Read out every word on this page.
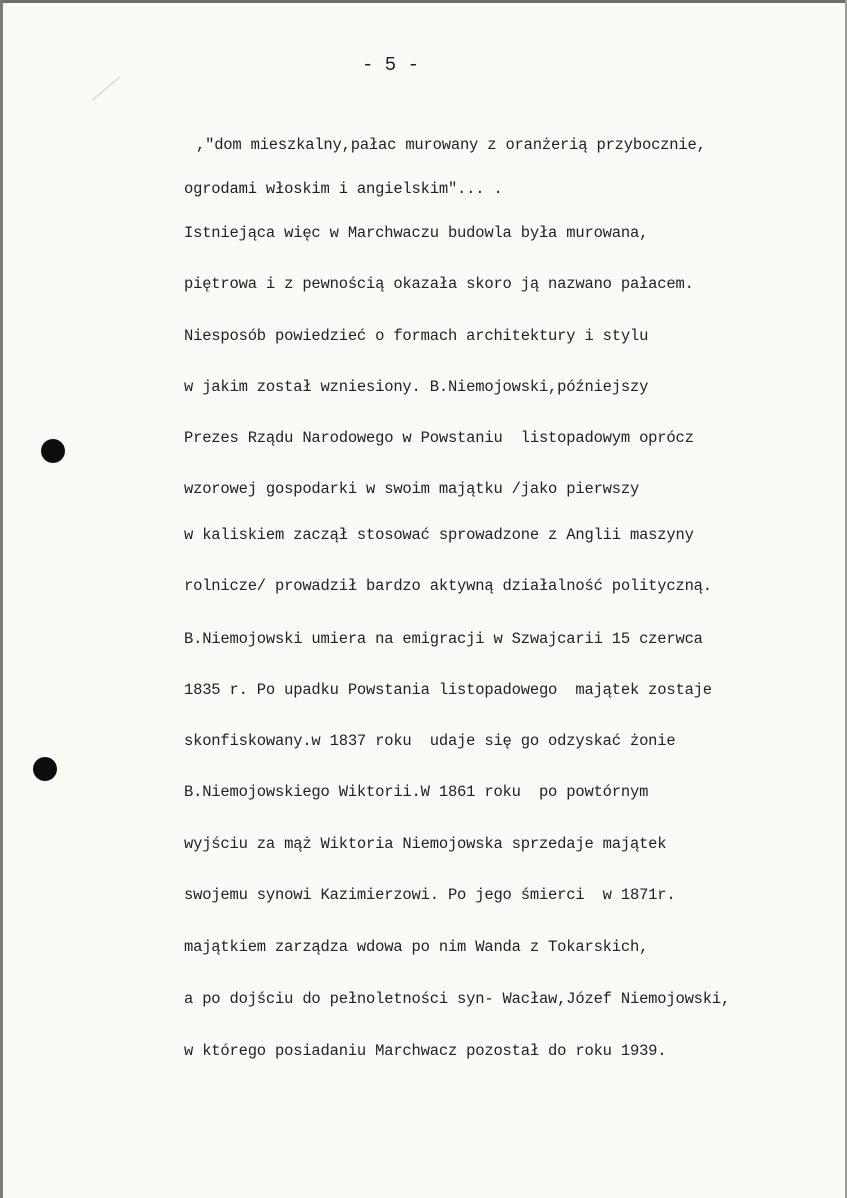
- 5 -
,"dom mieszkalny,pałac murowany z oranżerią przybocznie,
ogrodami włoskim i angielskim"... .
Istniejąca więc w Marchwaczu budowla była murowana,
piętrowa i z pewnością okazała skoro ją nazwano pałacem.
Niesposób powiedzieć o formach architektury i stylu
w jakim został wzniesiony. B.Niemojowski,późniejszy
Prezes Rządu Narodowego w Powstaniu  listopadowym oprócz
wzorowej gospodarki w swoim majątku /jako pierwszy
w kaliskiem zaczął stosować sprowadzone z Anglii maszyny
rolnicze/ prowadził bardzo aktywną działalność polityczną.
B.Niemojowski umiera na emigracji w Szwajcarii 15 czerwca
1835 r. Po upadku Powstania listopadowego  majątek zostaje
skonfiskowany.w 1837 roku  udaje się go odzyskać żonie
B.Niemojowskiego Wiktorii.W 1861 roku  po powtórnym
wyjściu za mąż Wiktoria Niemojowska sprzedaje majątek
swojemu synowi Kazimierzowi. Po jego śmierci  w 1871r.
majątkiem zarządza wdowa po nim Wanda z Tokarskich,
a po dojściu do pełnoletności syn- Wacław,Józef Niemojowski,
w którego posiadaniu Marchwacz pozostał do roku 1939.
